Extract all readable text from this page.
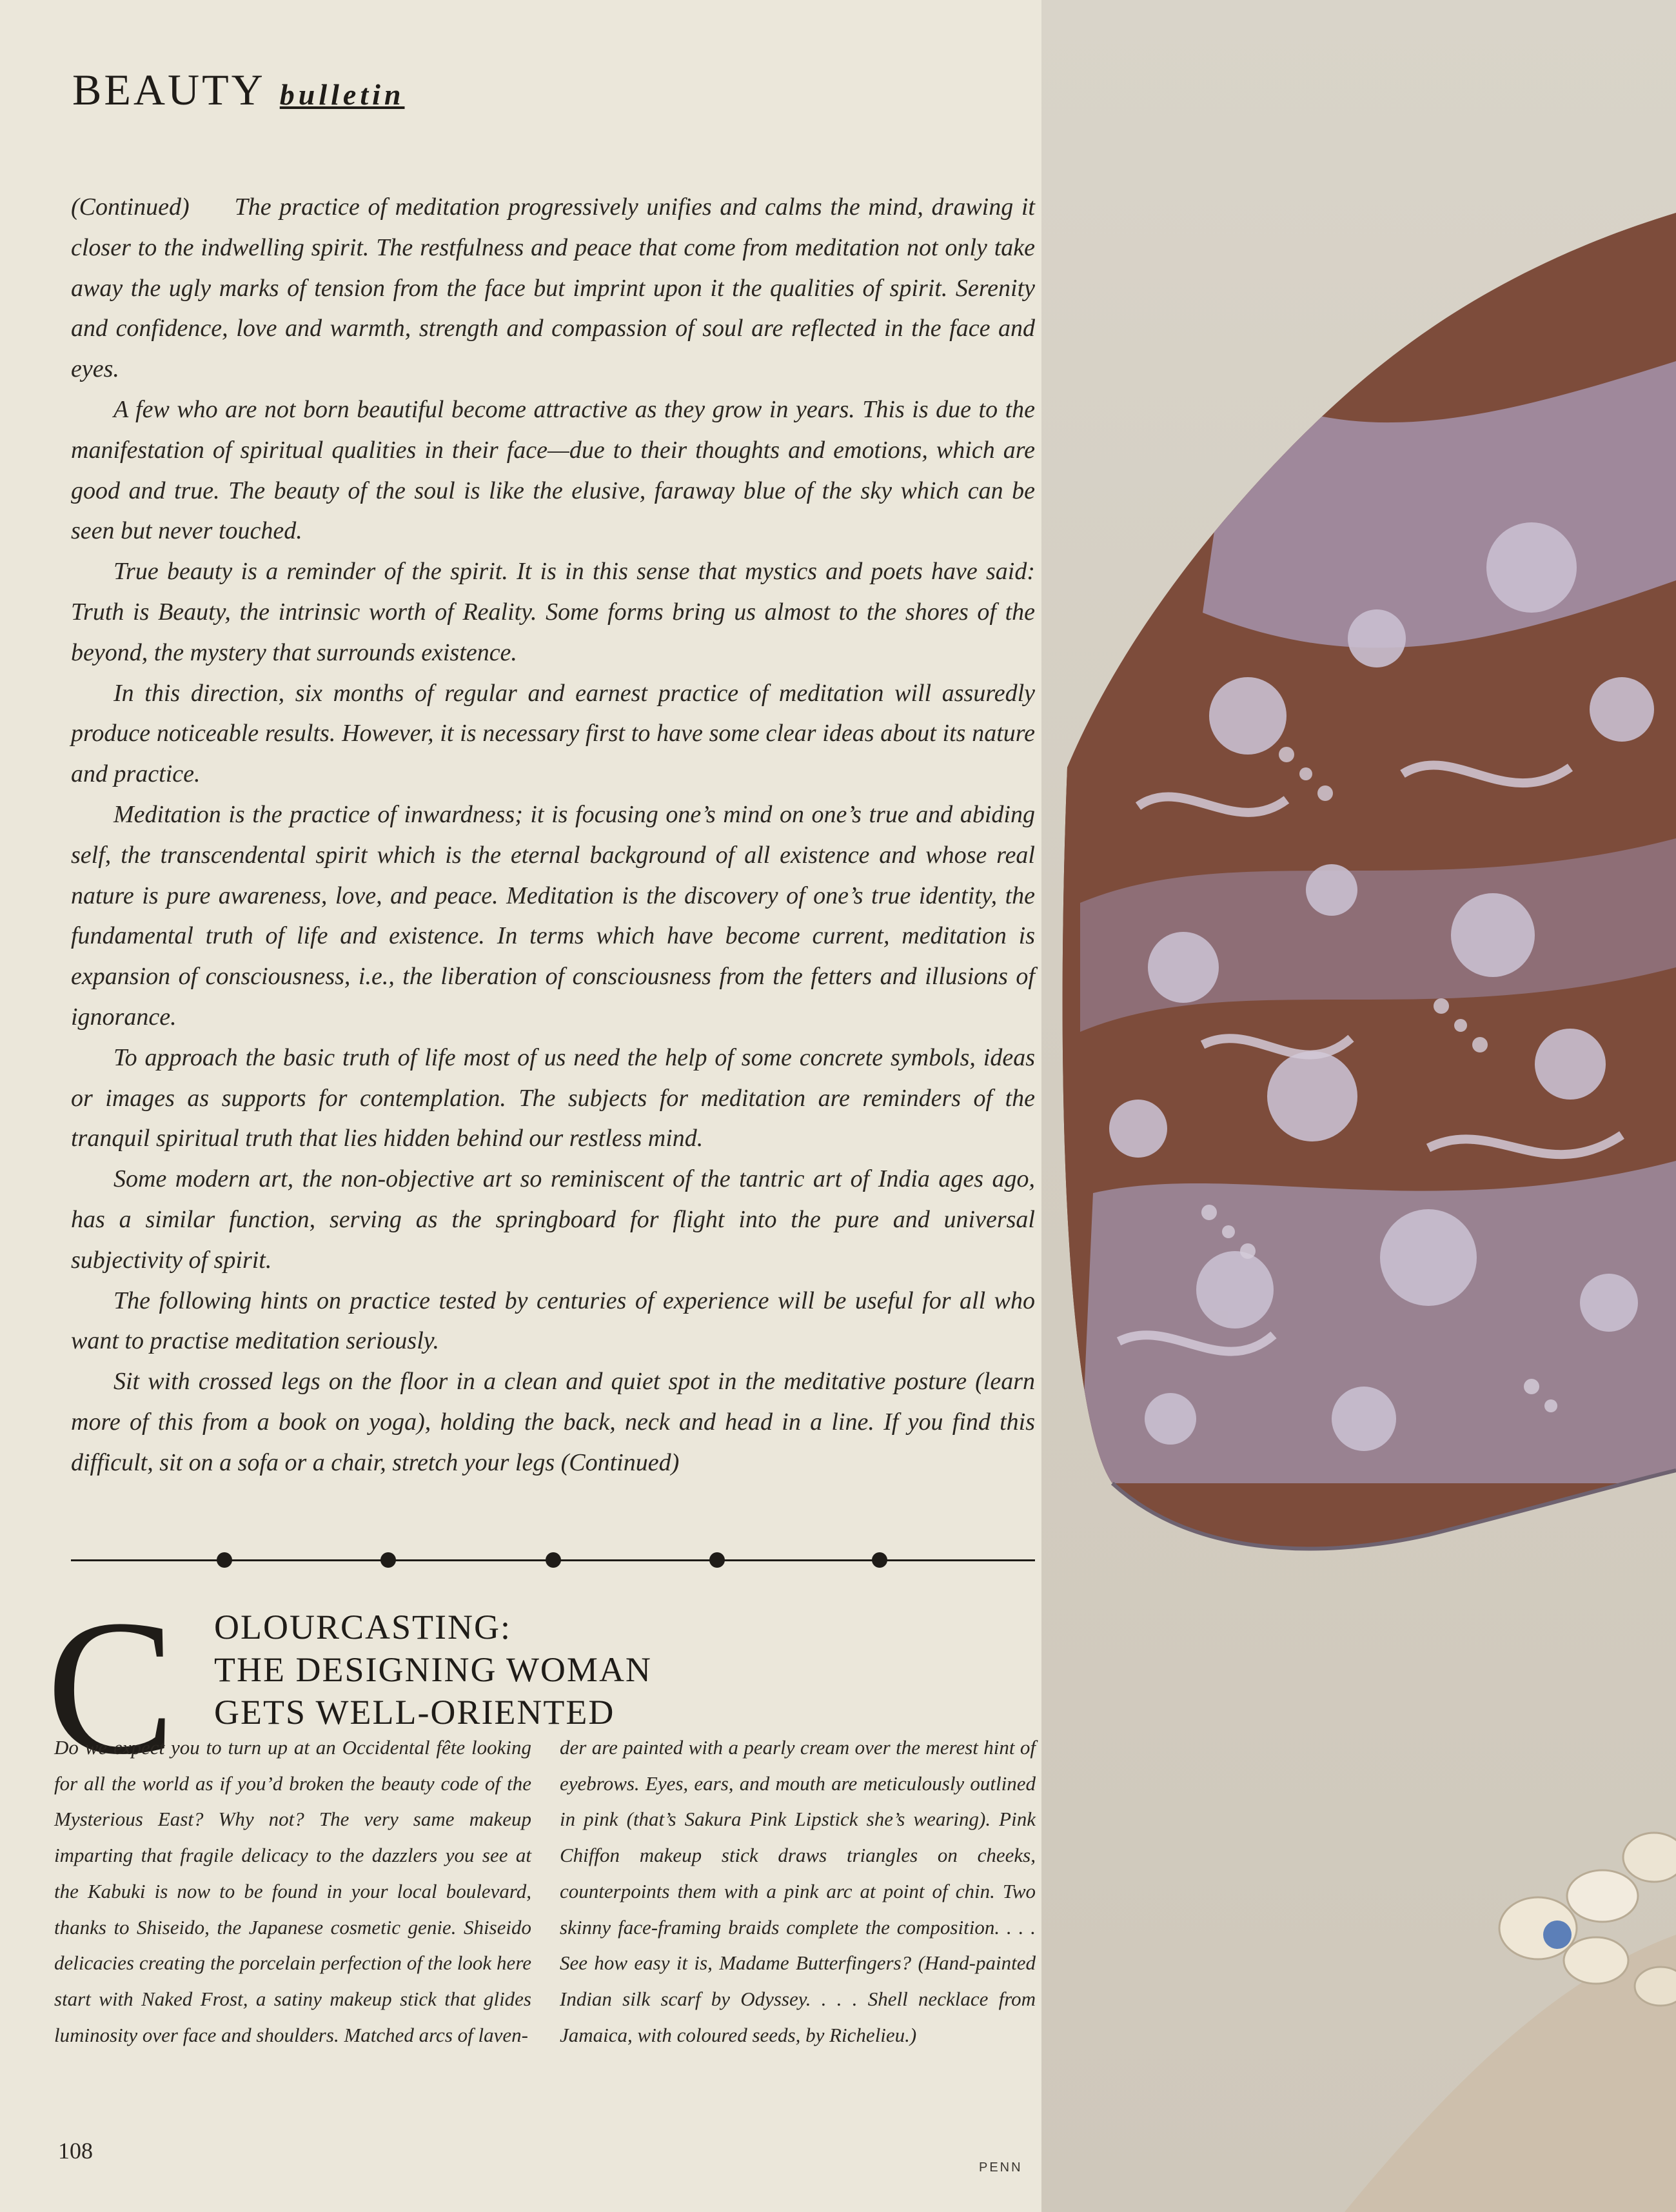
BEAUTY bulletin

(Continued) The practice of meditation progressively unifies and calms the mind, drawing it closer to the indwelling spirit. The restfulness and peace that come from meditation not only take away the ugly marks of tension from the face but imprint upon it the qualities of spirit. Serenity and confidence, love and warmth, strength and compassion of soul are reflected in the face and eyes.

A few who are not born beautiful become attractive as they grow in years. This is due to the manifestation of spiritual qualities in their face—due to their thoughts and emotions, which are good and true. The beauty of the soul is like the elusive, faraway blue of the sky which can be seen but never touched.

True beauty is a reminder of the spirit. It is in this sense that mystics and poets have said: Truth is Beauty, the intrinsic worth of Reality. Some forms bring us almost to the shores of the beyond, the mystery that surrounds existence.

In this direction, six months of regular and earnest practice of meditation will assuredly produce noticeable results. However, it is necessary first to have some clear ideas about its nature and practice.

Meditation is the practice of inwardness; it is focusing one’s mind on one’s true and abiding self, the transcendental spirit which is the eternal background of all existence and whose real nature is pure awareness, love, and peace. Meditation is the discovery of one’s true identity, the fundamental truth of life and existence. In terms which have become current, meditation is expansion of consciousness, i.e., the liberation of consciousness from the fetters and illusions of ignorance.

To approach the basic truth of life most of us need the help of some concrete symbols, ideas or images as supports for contemplation. The subjects for meditation are reminders of the tranquil spiritual truth that lies hidden behind our restless mind.

Some modern art, the non-objective art so reminiscent of the tantric art of India ages ago, has a similar function, serving as the springboard for flight into the pure and universal subjectivity of spirit.

The following hints on practice tested by centuries of experience will be useful for all who want to practise meditation seriously.

Sit with crossed legs on the floor in a clean and quiet spot in the meditative posture (learn more of this from a book on yoga), holding the back, neck and head in a line. If you find this difficult, sit on a sofa or a chair, stretch your legs (Continued)

C OLOURCASTING:
THE DESIGNING WOMAN
GETS WELL-ORIENTED

Do we expect you to turn up at an Occidental fête looking for all the world as if you’d broken the beauty code of the Mysterious East? Why not? The very same makeup imparting that fragile delicacy to the dazzlers you see at the Kabuki is now to be found in your local boulevard, thanks to Shiseido, the Japanese cosmetic genie. Shiseido delicacies creating the porcelain perfection of the look here start with Naked Frost, a satiny makeup stick that glides luminosity over face and shoulders. Matched arcs of laven-

der are painted with a pearly cream over the merest hint of eyebrows. Eyes, ears, and mouth are meticulously outlined in pink (that’s Sakura Pink Lipstick she’s wearing). Pink Chiffon makeup stick draws triangles on cheeks, counterpoints them with a pink arc at point of chin. Two skinny face-framing braids complete the composition. . . . See how easy it is, Madame Butterfingers? (Hand-painted Indian silk scarf by Odyssey. . . . Shell necklace from Jamaica, with coloured seeds, by Richelieu.)

108
PENN
